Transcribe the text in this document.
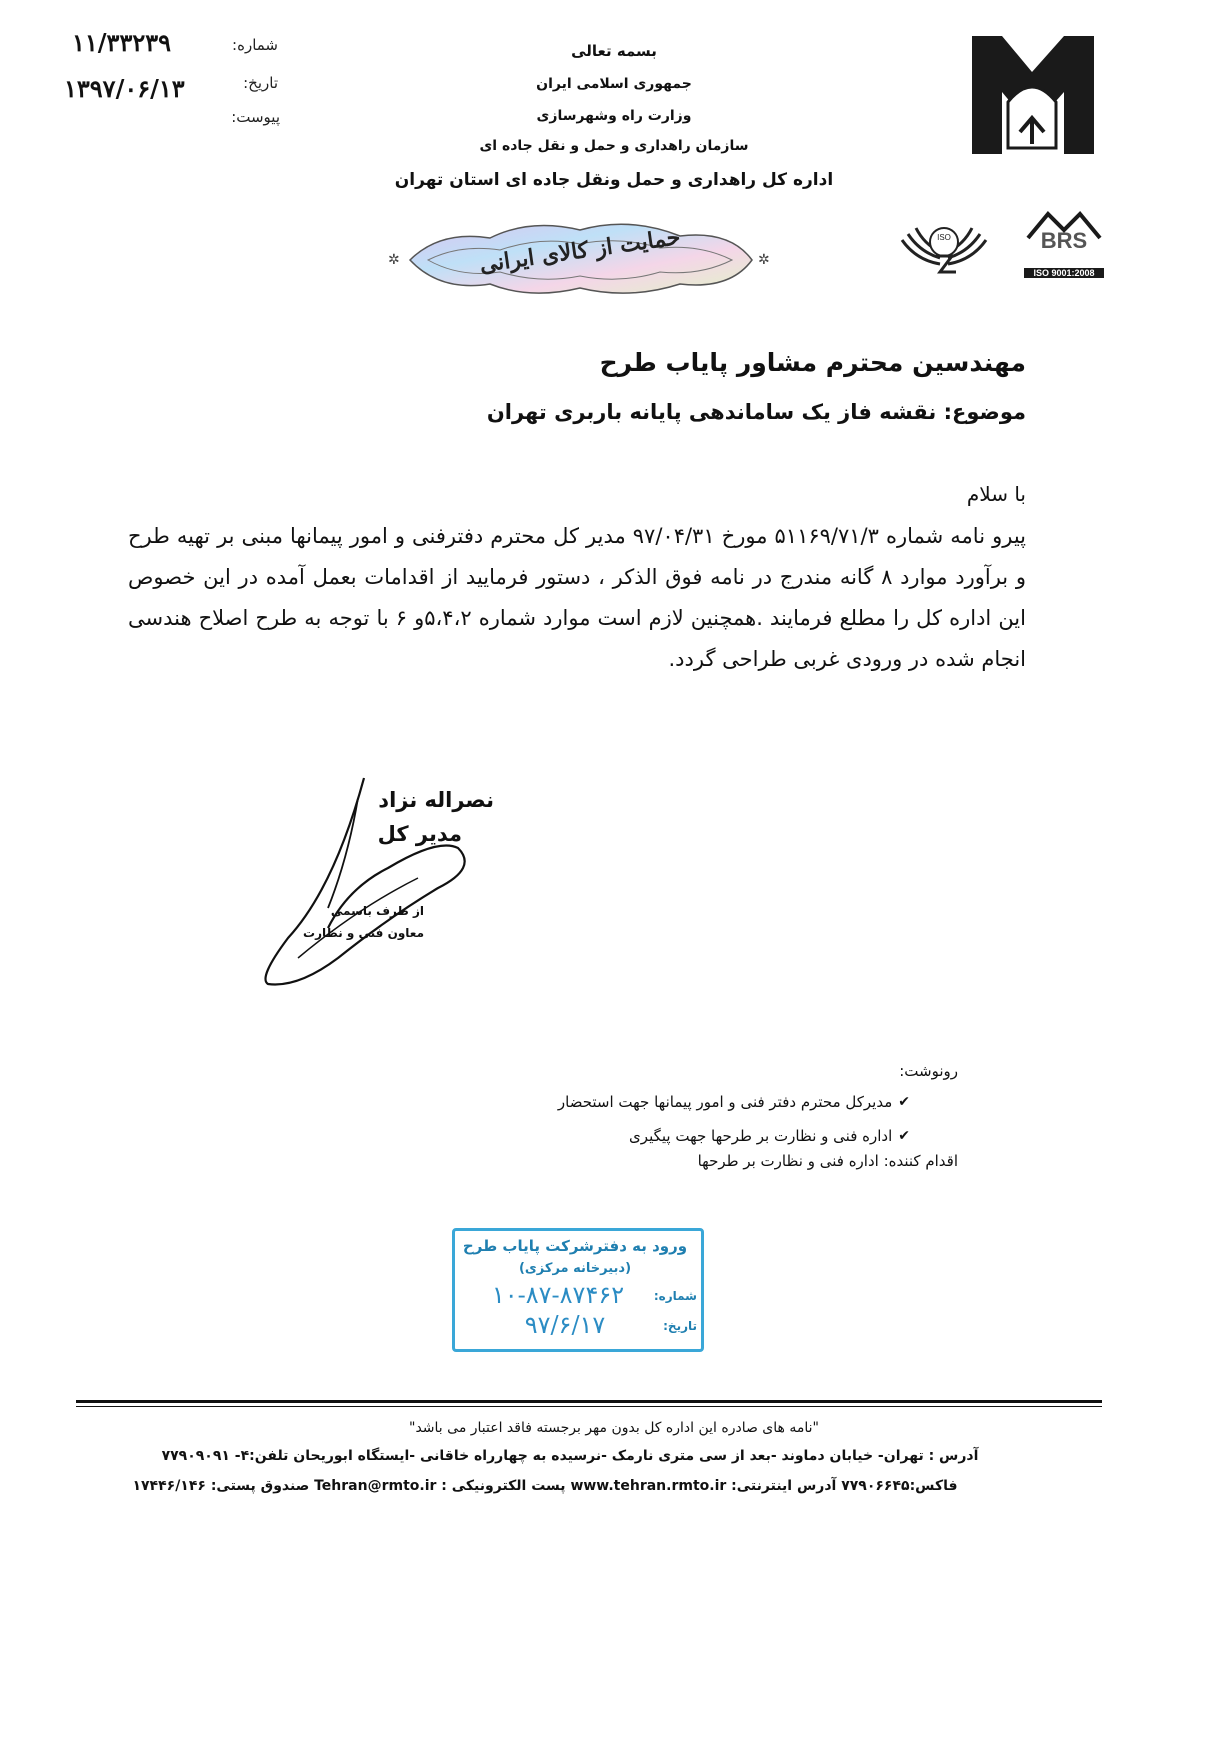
شماره:
۱۱/۳۳۲۳۹
تاریخ:
۱۳۹۷/۰۶/۱۳
پیوست:
بسمه تعالی
جمهوری اسلامی ایران
وزارت راه وشهرسازی
سازمان راهداری و حمل و نقل جاده ای
اداره کل راهداری و حمل ونقل جاده ای استان تهران
✲	✲
حمایت از کالای ایرانی	ISO	BRS
ISO 9001:2008
مهندسین محترم مشاور پایاب طرح
موضوع: نقشه فاز یک ساماندهی پایانه باربری تهران
با سلام
پیرو نامه شماره ۵۱۱۶۹/۷۱/۳ مورخ ۹۷/۰۴/۳۱ مدیر کل محترم دفترفنی و امور پیمانها مبنی بر تهیه طرح و برآورد موارد ۸ گانه مندرج در نامه فوق الذکر ، دستور فرمایید از اقدامات بعمل آمده در این خصوص این اداره کل را مطلع فرمایند .همچنین لازم است موارد شماره ۵،۴،۲و ۶ با توجه به طرح اصلاح هندسی انجام شده در ورودی غربی طراحی گردد.
نصراله نزاد
مدیر کل
از طرف باسمی
معاون فنی و نظارت
رونوشت:
✔
مدیرکل محترم دفتر فنی و امور پیمانها جهت استحضار
✔
اداره فنی و نظارت بر طرحها جهت پیگیری
اقدام کننده: اداره فنی و نظارت بر طرحها
ورود به دفترشرکت پایاب طرح
(دبیرخانه مرکزی)
شماره:
۱۰-۸۷-۸۷۴۶۲
تاریخ:
۹۷/۶/۱۷
"نامه های صادره این اداره کل بدون مهر برجسته فاقد اعتبار می باشد"
آدرس : تهران- خیابان دماوند -بعد از سی متری نارمک -نرسیده به چهارراه خاقانی -ایستگاه ابوریحان تلفن:۴- ۷۷۹۰۹۰۹۱
فاکس:۷۷۹۰۶۶۴۵ آدرس اینترنتی: www.tehran.rmto.ir پست الکترونیکی : Tehran@rmto.ir صندوق پستی: ۱۷۴۴۶/۱۴۶
